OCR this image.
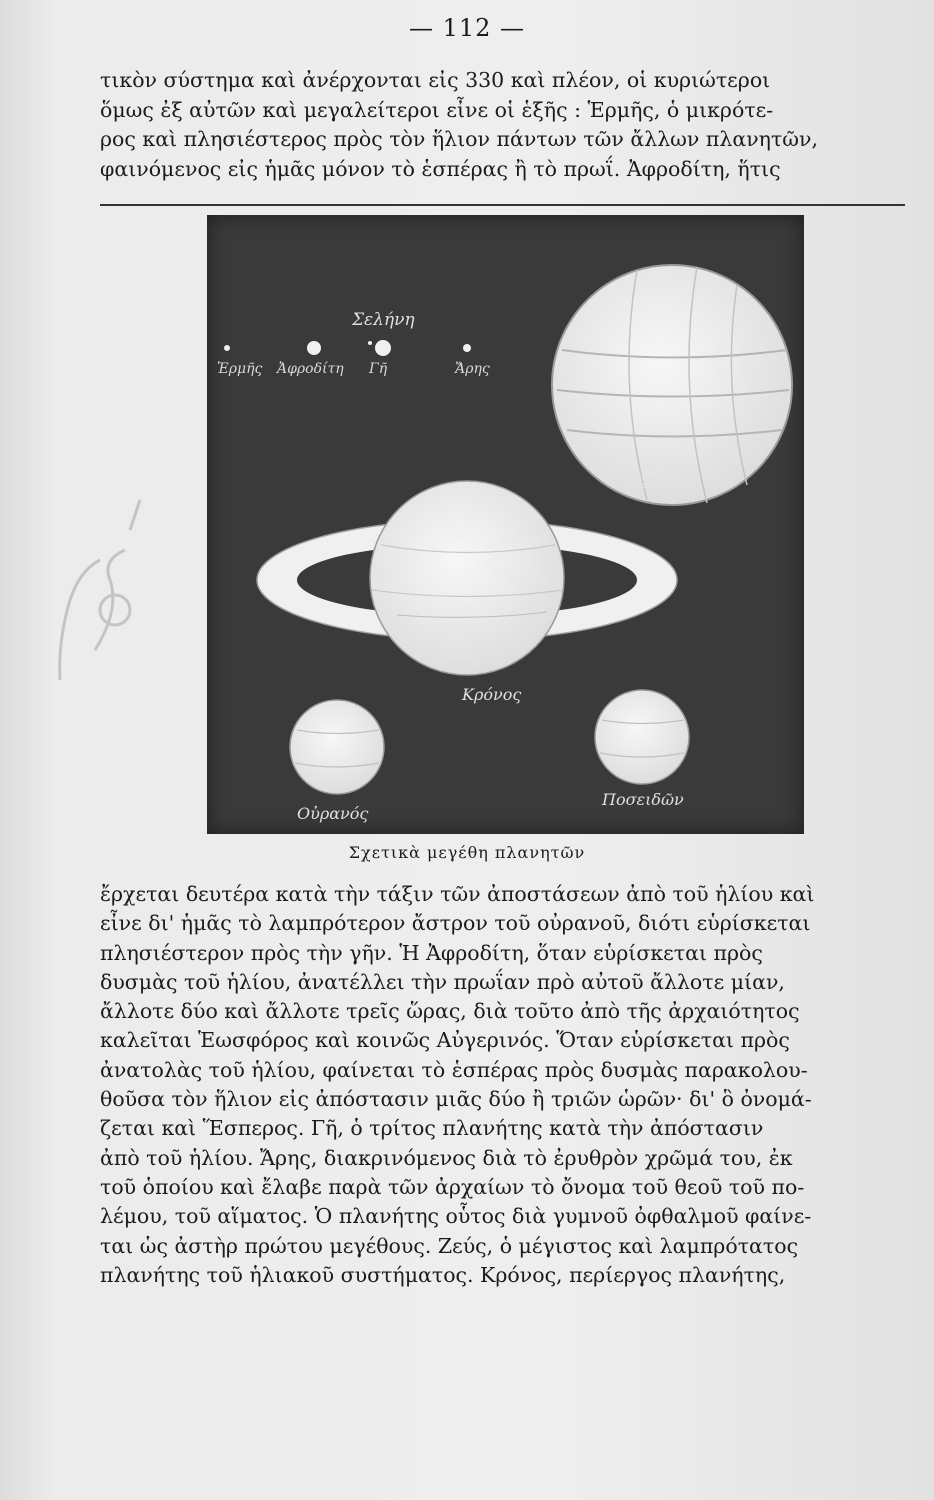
— 112 —
τικὸν σύστημα καὶ ἀνέρχονται εἰς 330 καὶ πλέον, οἱ κυριώτεροι
ὅμως ἐξ αὐτῶν καὶ μεγαλείτεροι εἶνε οἱ ἑξῆς : Ἑρμῆς, ὁ μικρότε-
ρος καὶ πλησιέστερος πρὸς τὸν ἥλιον πάντων τῶν ἄλλων πλανητῶν,
φαινόμενος εἰς ἡμᾶς μόνον τὸ ἑσπέρας ἢ τὸ πρωΐ. Ἀφροδίτη, ἥτις
Ζεύς
Σελήνη
Ἑρμῆς Ἀφροδίτη Γῆ	Ἄρης
Κρόνος
Οὐρανός
Ποσειδῶν
Σχετικὰ μεγέθη πλανητῶν
ἔρχεται δευτέρα κατὰ τὴν τάξιν τῶν ἀποστάσεων ἀπὸ τοῦ ἡλίου καὶ
εἶνε δι' ἡμᾶς τὸ λαμπρότερον ἄστρον τοῦ οὐρανοῦ, διότι εὑρίσκεται
πλησιέστερον πρὸς τὴν γῆν. Ἡ Ἀφροδίτη, ὅταν εὑρίσκεται πρὸς
δυσμὰς τοῦ ἡλίου, ἀνατέλλει τὴν πρωΐαν πρὸ αὐτοῦ ἄλλοτε μίαν,
ἄλλοτε δύο καὶ ἄλλοτε τρεῖς ὥρας, διὰ τοῦτο ἀπὸ τῆς ἀρχαιότητος
καλεῖται Ἑωσφόρος καὶ κοινῶς Αὐγερινός. Ὅταν εὑρίσκεται πρὸς
ἀνατολὰς τοῦ ἡλίου, φαίνεται τὸ ἑσπέρας πρὸς δυσμὰς παρακολου-
θοῦσα τὸν ἥλιον εἰς ἀπόστασιν μιᾶς δύο ἢ τριῶν ὡρῶν· δι' ὃ ὀνομά-
ζεται καὶ Ἕσπερος. Γῆ, ὁ τρίτος πλανήτης κατὰ τὴν ἀπόστασιν
ἀπὸ τοῦ ἡλίου. Ἄρης, διακρινόμενος διὰ τὸ ἐρυθρὸν χρῶμά του, ἐκ
τοῦ ὁποίου καὶ ἔλαβε παρὰ τῶν ἀρχαίων τὸ ὄνομα τοῦ θεοῦ τοῦ πο-
λέμου, τοῦ αἵματος. Ὁ πλανήτης οὗτος διὰ γυμνοῦ ὀφθαλμοῦ φαίνε-
ται ὡς ἀστὴρ πρώτου μεγέθους. Ζεύς, ὁ μέγιστος καὶ λαμπρότατος
πλανήτης τοῦ ἡλιακοῦ συστήματος. Κρόνος, περίεργος πλανήτης,
